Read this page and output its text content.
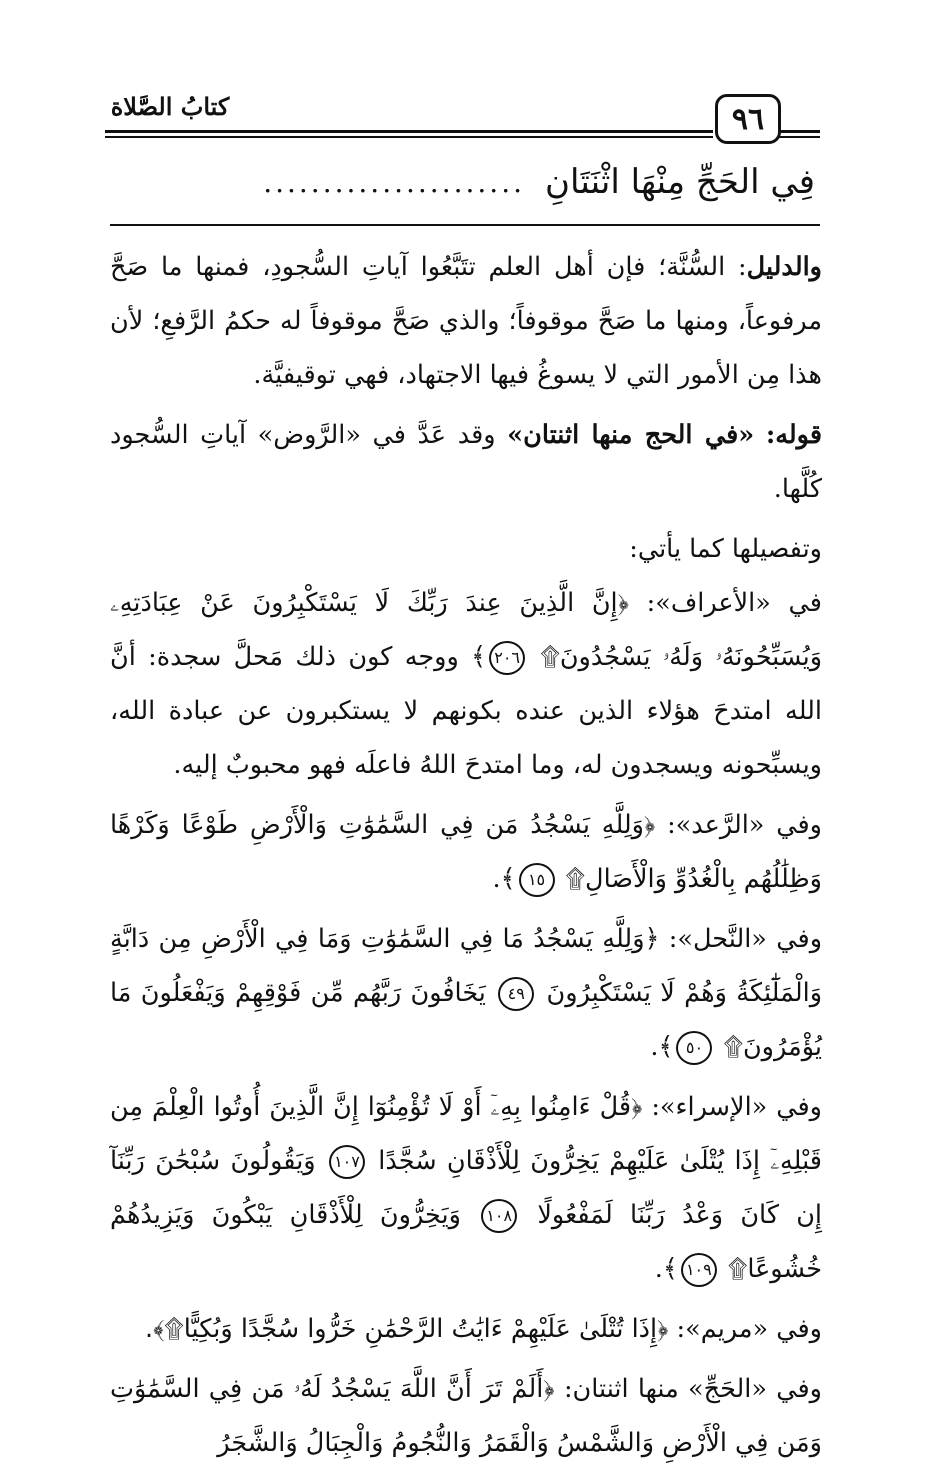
كتابُ الصَّلاة	٩٦
فِي الحَجِّ مِنْهَا اثْنَتَانِ
......................

والدليل: السُّنَّة؛ فإن أهل العلم تتَبَّعُوا آياتِ السُّجودِ، فمنها ما صَحَّ مرفوعاً، ومنها ما صَحَّ موقوفاً؛ والذي صَحَّ موقوفاً له حكمُ الرَّفعِ؛ لأن هذا مِن الأمور التي لا يسوغُ فيها الاجتهاد، فهي توقيفيَّة.

قوله: «في الحج منها اثنتان» وقد عَدَّ في «الرَّوض» آياتِ السُّجود كُلَّها.

وتفصيلها كما يأتي:

في «الأعراف»: ﴿إِنَّ الَّذِينَ عِندَ رَبِّكَ لَا يَسْتَكْبِرُونَ عَنْ عِبَادَتِهِۦ وَيُسَبِّحُونَهُۥ وَلَهُۥ يَسْجُدُونَ۩ ٢٠٦﴾ ووجه كون ذلك مَحلَّ سجدة: أنَّ الله امتدحَ هؤلاء الذين عنده بكونهم لا يستكبرون عن عبادة الله، ويسبِّحونه ويسجدون له، وما امتدحَ اللهُ فاعلَه فهو محبوبٌ إليه.

وفي «الرَّعد»: ﴿وَلِلَّهِ يَسْجُدُ مَن فِي السَّمَٰوَٰتِ وَالْأَرْضِ طَوْعًا وَكَرْهًا وَظِلَٰلُهُم بِالْغُدُوِّ وَالْأَصَالِ۩ ١٥﴾.

وفي «النَّحل»: ﴿وَلِلَّهِ يَسْجُدُ مَا فِي السَّمَٰوَٰتِ وَمَا فِي الْأَرْضِ مِن دَابَّةٍ وَالْمَلَٰٓئِكَةُ وَهُمْ لَا يَسْتَكْبِرُونَ ٤٩ يَخَافُونَ رَبَّهُم مِّن فَوْقِهِمْ وَيَفْعَلُونَ مَا يُؤْمَرُونَ۩ ٥٠﴾.

وفي «الإسراء»: ﴿قُلْ ءَامِنُوا بِهِۦٓ أَوْ لَا تُؤْمِنُوٓا إِنَّ الَّذِينَ أُوتُوا الْعِلْمَ مِن قَبْلِهِۦٓ إِذَا يُتْلَىٰ عَلَيْهِمْ يَخِرُّونَ لِلْأَذْقَانِ سُجَّدًا ١٠٧ وَيَقُولُونَ سُبْحَٰنَ رَبِّنَآ إِن كَانَ وَعْدُ رَبِّنَا لَمَفْعُولًا ١٠٨ وَيَخِرُّونَ لِلْأَذْقَانِ يَبْكُونَ وَيَزِيدُهُمْ خُشُوعًا۩ ١٠٩﴾.

وفي «مريم»: ﴿إِذَا تُتْلَىٰ عَلَيْهِمْ ءَايَٰتُ الرَّحْمَٰنِ خَرُّوا سُجَّدًا وَبُكِيًّا۩﴾.

وفي «الحَجِّ» منها اثنتان: ﴿أَلَمْ تَرَ أَنَّ اللَّهَ يَسْجُدُ لَهُۥ مَن فِي السَّمَٰوَٰتِ وَمَن فِي الْأَرْضِ وَالشَّمْسُ وَالْقَمَرُ وَالنُّجُومُ وَالْجِبَالُ وَالشَّجَرُ
